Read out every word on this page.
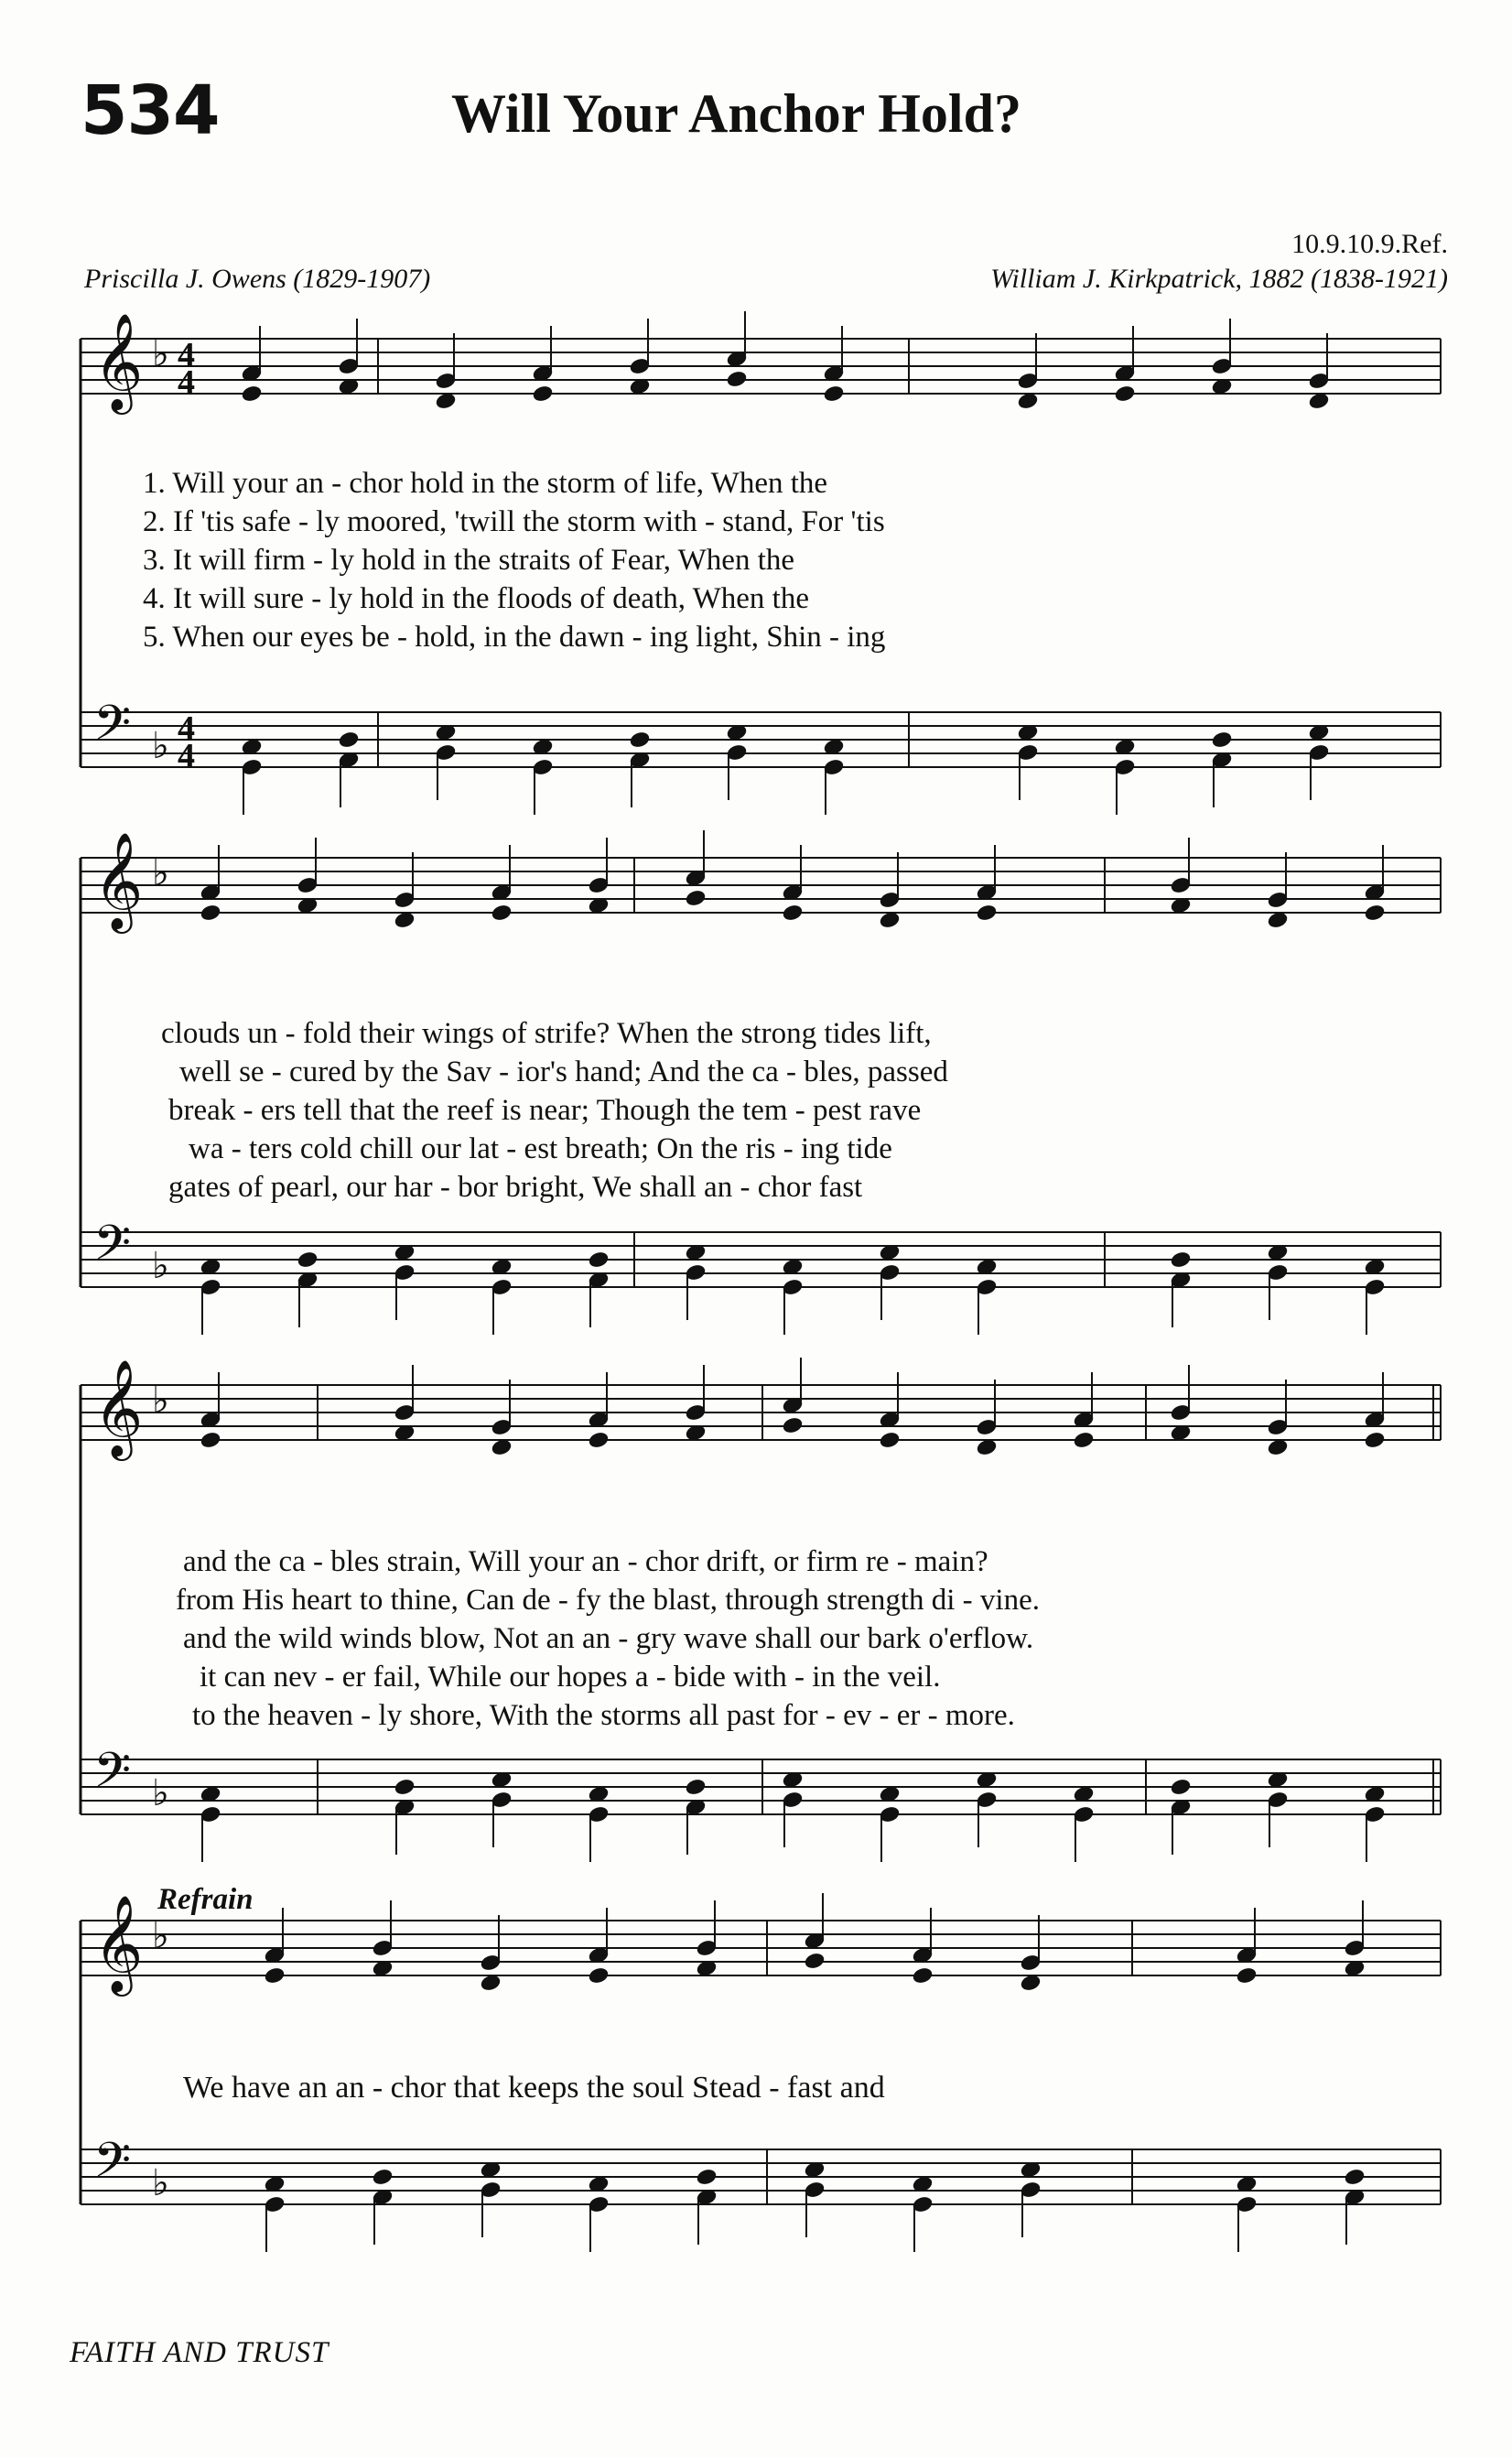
534	Will Your Anchor Hold?
10.9.10.9.Ref.
Priscilla J. Owens (1829-1907)	William J. Kirkpatrick, 1882 (1838-1921)
𝄞
𝄢
♭
♭
4
4
4
4
𝄞
𝄢
♭
♭
𝄞
𝄢
♭
♭
𝄞
𝄢
♭
♭
1. Will your an - chor hold in the storm of life, When the
2. If 'tis safe - ly moored, 'twill the storm with - stand, For 'tis
3. It will firm - ly hold in the straits of Fear, When the
4. It will sure - ly hold in the floods of death, When the
5. When our eyes be - hold, in the dawn - ing light, Shin - ing
clouds un - fold their wings of strife? When the strong tides lift,
well se - cured by the Sav - ior's hand; And the ca - bles, passed
break - ers tell that the reef is near; Though the tem - pest rave
wa - ters cold chill our lat - est breath; On the ris - ing tide
gates of pearl, our har - bor bright, We shall an - chor fast
and the ca - bles strain, Will your an - chor drift, or firm re - main?
from His heart to thine, Can de - fy the blast, through strength di - vine.
and the wild winds blow, Not an an - gry wave shall our bark o'erflow.
it can nev - er fail, While our hopes a - bide with - in the veil.
to the heaven - ly shore, With the storms all past for - ev - er - more.
Refrain
We have an an - chor that keeps the soul Stead - fast and
FAITH AND TRUST
